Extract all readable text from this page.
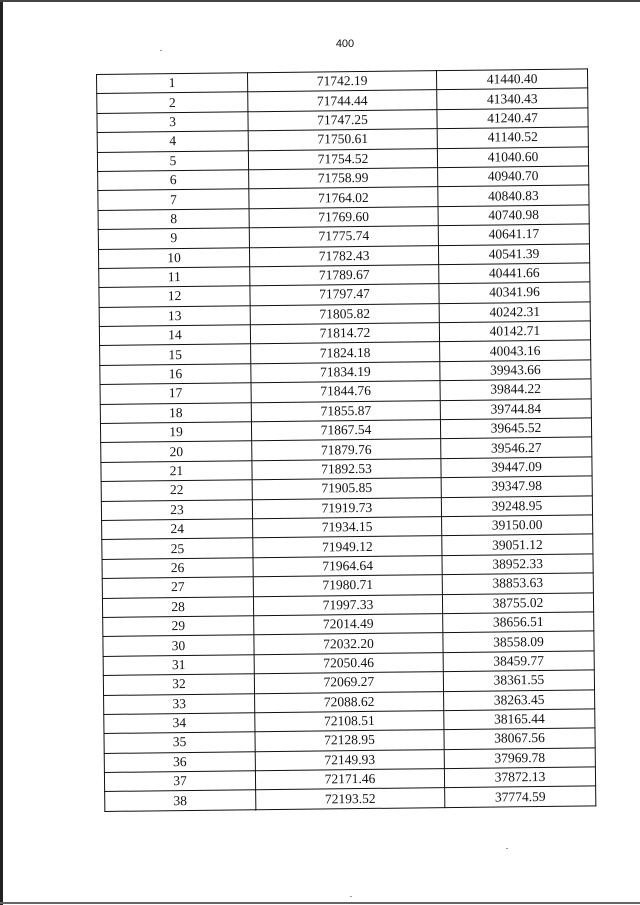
400
1	71742.19	41440.40
2	71744.44	41340.43
3	71747.25	41240.47
4	71750.61	41140.52
5	71754.52	41040.60
6	71758.99	40940.70
7	71764.02	40840.83
8	71769.60	40740.98
9	71775.74	40641.17
10	71782.43	40541.39
11	71789.67	40441.66
12	71797.47	40341.96
13	71805.82	40242.31
14	71814.72	40142.71
15	71824.18	40043.16
16	71834.19	39943.66
17	71844.76	39844.22
18	71855.87	39744.84
19	71867.54	39645.52
20	71879.76	39546.27
21	71892.53	39447.09
22	71905.85	39347.98
23	71919.73	39248.95
24	71934.15	39150.00
25	71949.12	39051.12
26	71964.64	38952.33
27	71980.71	38853.63
28	71997.33	38755.02
29	72014.49	38656.51
30	72032.20	38558.09
31	72050.46	38459.77
32	72069.27	38361.55
33	72088.62	38263.45
34	72108.51	38165.44
35	72128.95	38067.56
36	72149.93	37969.78
37	72171.46	37872.13
38	72193.52	37774.59
